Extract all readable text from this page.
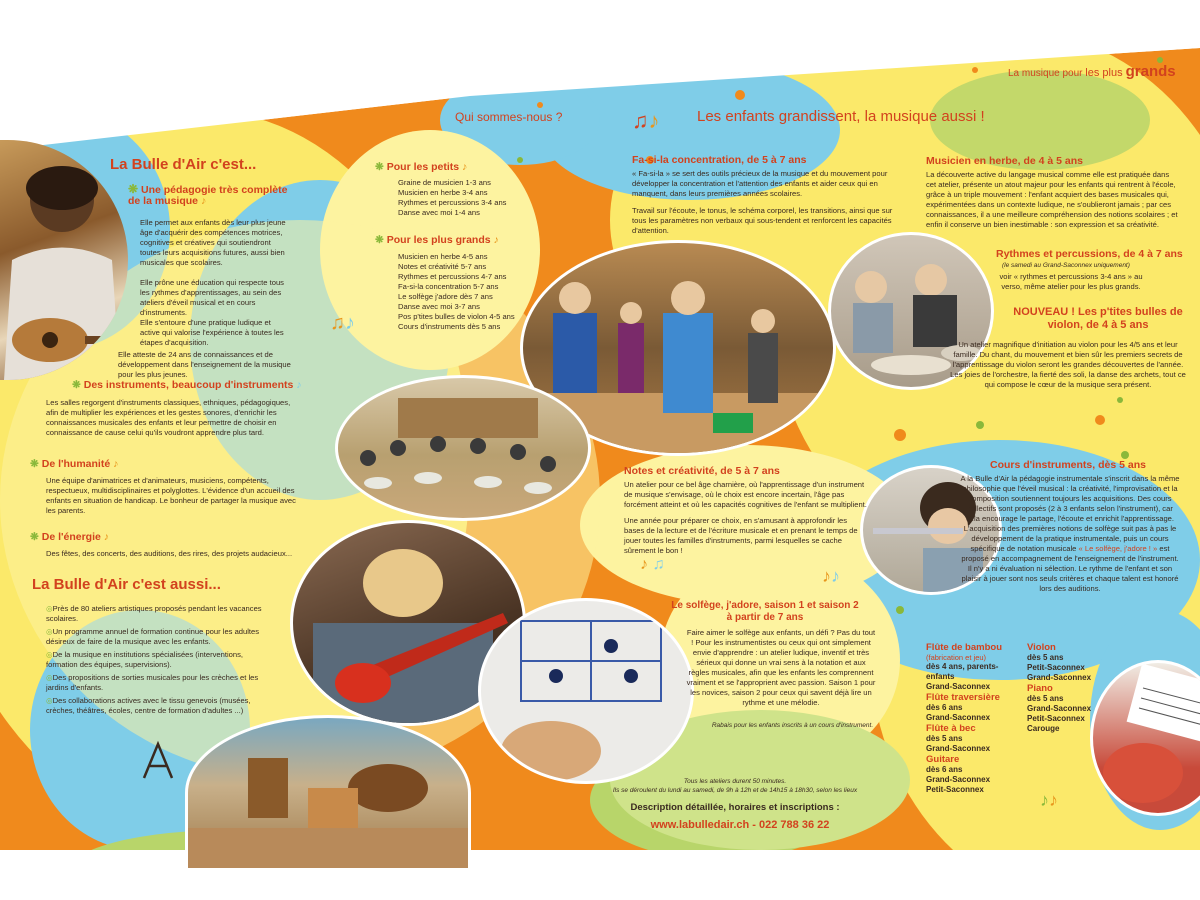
La musique pour les plus grands
La Bulle d'Air c'est...
❋ Une pédagogie très complète de la musique ♪
Elle permet aux enfants dès leur plus jeune âge d'acquérir des compétences motrices, cognitives et créatives qui soutiendront toutes leurs acquisitions futures, aussi bien musicales que scolaires.
Elle prône une éducation qui respecte tous les rythmes d'apprentissages, au sein des ateliers d'éveil musical et en cours d'instruments.
Elle s'entoure d'une pratique ludique et active qui valorise l'expérience à toutes les étapes d'acquisition.
Elle atteste de 24 ans de connaissances et de développement dans l'enseignement de la musique pour les plus jeunes.
❋ Des instruments, beaucoup d'instruments ♪
Les salles regorgent d'instruments classiques, ethniques, pédagogiques, afin de multiplier les expériences et les gestes sonores, d'enrichir les connaissances musicales des enfants et leur permettre de choisir en connaissance de cause celui qu'ils voudront apprendre plus tard.
❋ De l'humanité ♪
Une équipe d'animatrices et d'animateurs, musiciens, compétents, respectueux, multidisciplinaires et polyglottes. L'évidence d'un accueil des enfants en situation de handicap. Le bonheur de partager la musique avec les parents.
❋ De l'énergie ♪
Des fêtes, des concerts, des auditions, des rires, des projets audacieux...
La Bulle d'Air c'est aussi...

◎ Près de 80 ateliers artistiques proposés pendant les vacances scolaires.

◎ Un programme annuel de formation continue pour les adultes désireux de faire de la musique avec les enfants.

◎ De la musique en institutions spécialisées (interventions, formation des équipes, supervisions).

◎ Des propositions de sorties musicales pour les crèches et les jardins d'enfants.

◎ Des collaborations actives avec le tissu genevois (musées, crèches, théâtres, écoles, centre de formation d'adultes ...)

Qui sommes-nous ?
❋ Pour les petits ♪

Graine de musicien 1-3 ans

Musicien en herbe 3-4 ans

Rythmes et percussions 3-4 ans

Danse avec moi 1-4 ans

❋ Pour les plus grands ♪

Musicien en herbe 4-5 ans

Notes et créativité 5-7 ans

Rythmes et percussions 4-7 ans

Fa-si-la concentration 5-7 ans

Le solfège j'adore dès 7 ans

Danse avec moi 3-7 ans

Pos p'tites bulles de violon 4-5 ans

Cours d'instruments dès 5 ans

♫♪
♫♪	Les enfants grandissent, la musique aussi !
Fa-si-la concentration, de 5 à 7 ans
« Fa-si-la » se sert des outils précieux de la musique et du mouvement pour développer la concentration et l'attention des enfants et aider ceux qui en manquent, dans leurs premières années scolaires.
Travail sur l'écoute, le tonus, le schéma corporel, les transitions, ainsi que sur tous les paramètres non verbaux qui sous-tendent et renforcent les capacités d'attention.
Notes et créativité, de 5 à 7 ans
Un atelier pour ce bel âge charnière, où l'apprentissage d'un instrument de musique s'envisage, où le choix est encore incertain, l'âge pas forcément atteint et où les capacités cognitives de l'enfant se multiplient.
Une année pour préparer ce choix, en s'amusant à approfondir les bases de la lecture et de l'écriture musicale et en prenant le temps de jouer toutes les familles d'instruments, parmi lesquelles se cache sûrement le bon !
♪ ♫
♪♪
Le solfège, j'adore, saison 1 et saison 2 à partir de 7 ans
Faire aimer le solfège aux enfants, un défi ? Pas du tout ! Pour les instrumentistes ou ceux qui ont simplement envie d'apprendre : un atelier ludique, inventif et très sérieux qui donne un vrai sens à la notation et aux règles musicales, afin que les enfants les comprennent vraiment et se l'approprient avec passion. Saison 1 pour les novices, saison 2 pour ceux qui savent déjà lire un rythme et une mélodie.
Rabais pour les enfants inscrits à un cours d'instrument.
Tous les ateliers durent 50 minutes.
Ils se déroulent du lundi au samedi, de 9h à 12h et de 14h15 à 18h30, selon les lieux
Description détaillée, horaires et inscriptions :
www.labulledair.ch - 022 788 36 22
Musicien en herbe, de 4 à 5 ans
La découverte active du langage musical comme elle est pratiquée dans cet atelier, présente un atout majeur pour les enfants qui rentrent à l'école, grâce à un triple mouvement : l'enfant acquiert des bases musicales qui, expérimentées dans un contexte ludique, ne s'oublieront jamais ; par ces connaissances, il a une meilleure compréhension des notions scolaires ; et enfin il conserve un bien inestimable : son expression et sa créativité.
Rythmes et percussions, de 4 à 7 ans
(le samedi au Grand-Saconnex uniquement)
voir « rythmes et percussions 3-4 ans » au verso, même atelier pour les plus grands.
NOUVEAU ! Les p'tites bulles de violon, de 4 à 5 ans
Un atelier magnifique d'initiation au violon pour les 4/5 ans et leur famille. Du chant, du mouvement et bien sûr les premiers secrets de l'apprentissage du violon seront les grandes découvertes de l'année. Les joies de l'orchestre, la fierté des soli, la danse des archets, tout ce qui compose le cœur de la musique sera présent.
Cours d'instruments, dès 5 ans
A la Bulle d'Air la pédagogie instrumentale s'inscrit dans la même philosophie que l'éveil musical : la créativité, l'improvisation et la composition soutiennent toujours les acquisitions. Des cours collectifs sont proposés (2 à 3 enfants selon l'instrument), car cela encourage le partage, l'écoute et enrichit l'apprentissage. L'acquisition des premières notions de solfège suit pas à pas le développement de la pratique instrumentale, puis un cours spécifique de notation musicale « Le solfège, j'adore ! » est proposé en accompagnement de l'enseignement de l'instrument. Il n'y a ni évaluation ni sélection. Le rythme de l'enfant et son plaisir à jouer sont nos seuls critères et chaque talent est honoré lors des auditions.

Flûte de bambou

(fabrication et jeu)

dès 4 ans, parents-enfants

Grand-Saconnex

Flûte traversière

dès 6 ans

Grand-Saconnex

Flûte à bec

dès 5 ans

Grand-Saconnex

Guitare

dès 6 ans

Grand-Saconnex

Petit-Saconnex

Violon

dès 5 ans

Petit-Saconnex

Grand-Saconnex

Piano

dès 5 ans

Grand-Saconnex

Petit-Saconnex

Carouge

♪♪
